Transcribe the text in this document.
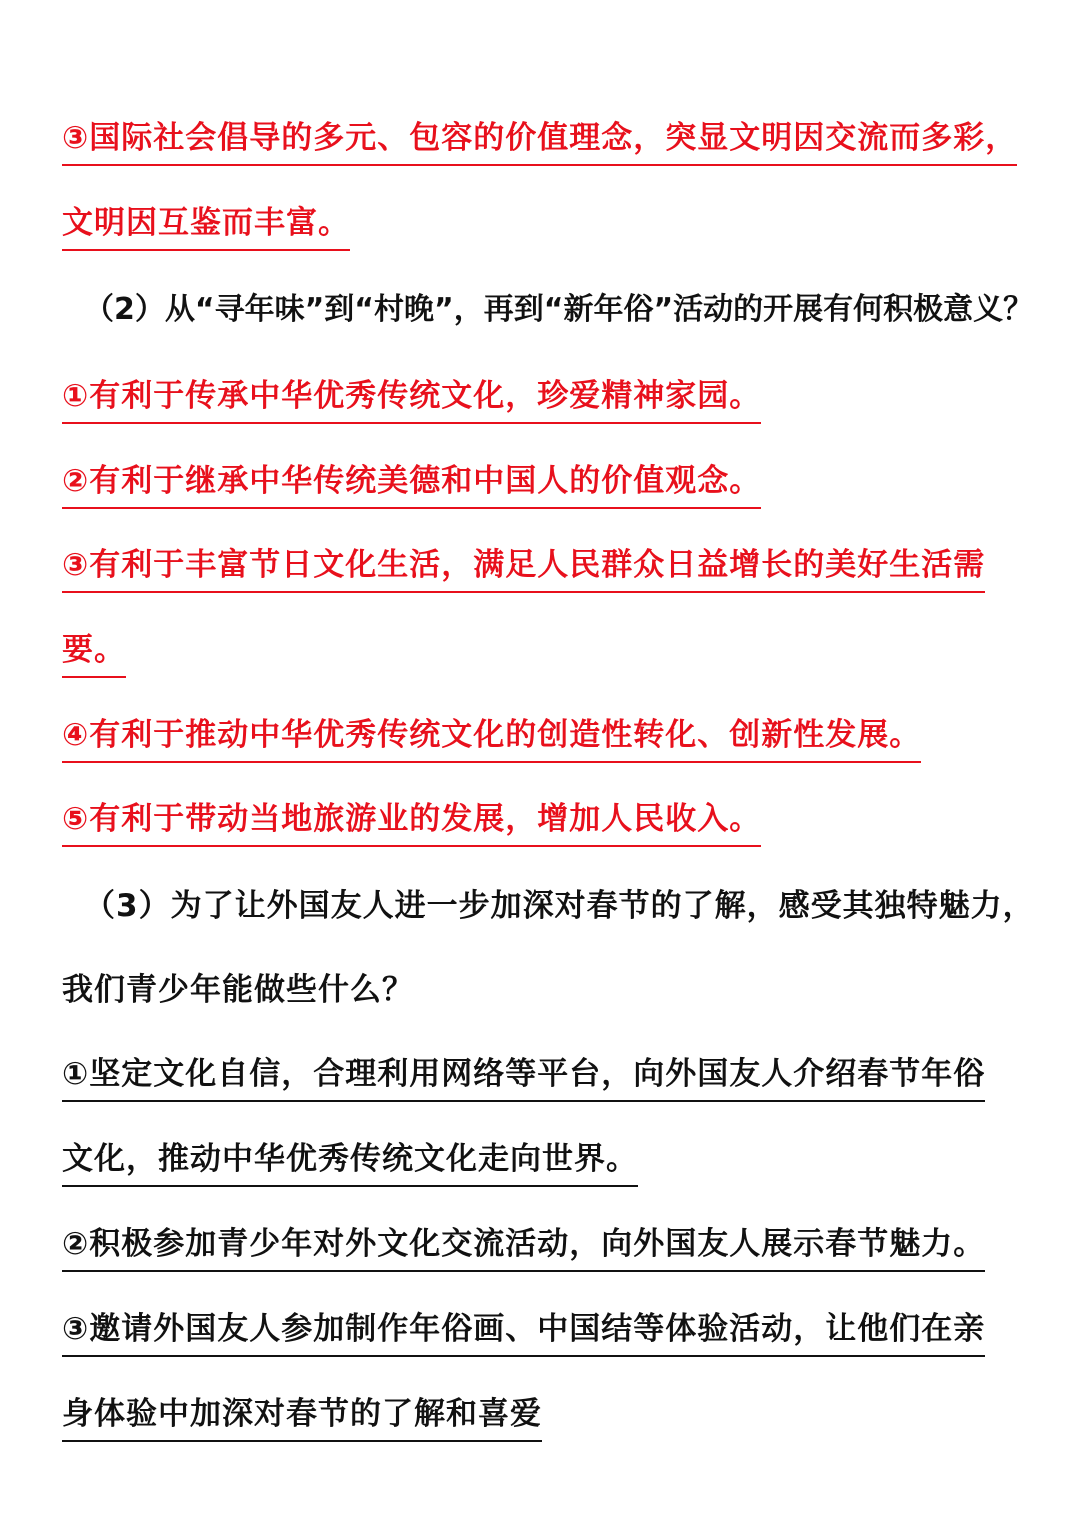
③国际社会倡导的多元、包容的价值理念，突显文明因交流而多彩，
文明因互鉴而丰富。
（2）从“寻年味”到“村晚”，再到“新年俗”活动的开展有何积极意义？
①有利于传承中华优秀传统文化，珍爱精神家园。
②有利于继承中华传统美德和中国人的价值观念。
③有利于丰富节日文化生活，满足人民群众日益增长的美好生活需
要。
④有利于推动中华优秀传统文化的创造性转化、创新性发展。
⑤有利于带动当地旅游业的发展，增加人民收入。
（3）为了让外国友人进一步加深对春节的了解，感受其独特魅力，
我们青少年能做些什么？
①坚定文化自信，合理利用网络等平台，向外国友人介绍春节年俗
文化，推动中华优秀传统文化走向世界。
②积极参加青少年对外文化交流活动，向外国友人展示春节魅力。
③邀请外国友人参加制作年俗画、中国结等体验活动，让他们在亲
身体验中加深对春节的了解和喜爱
